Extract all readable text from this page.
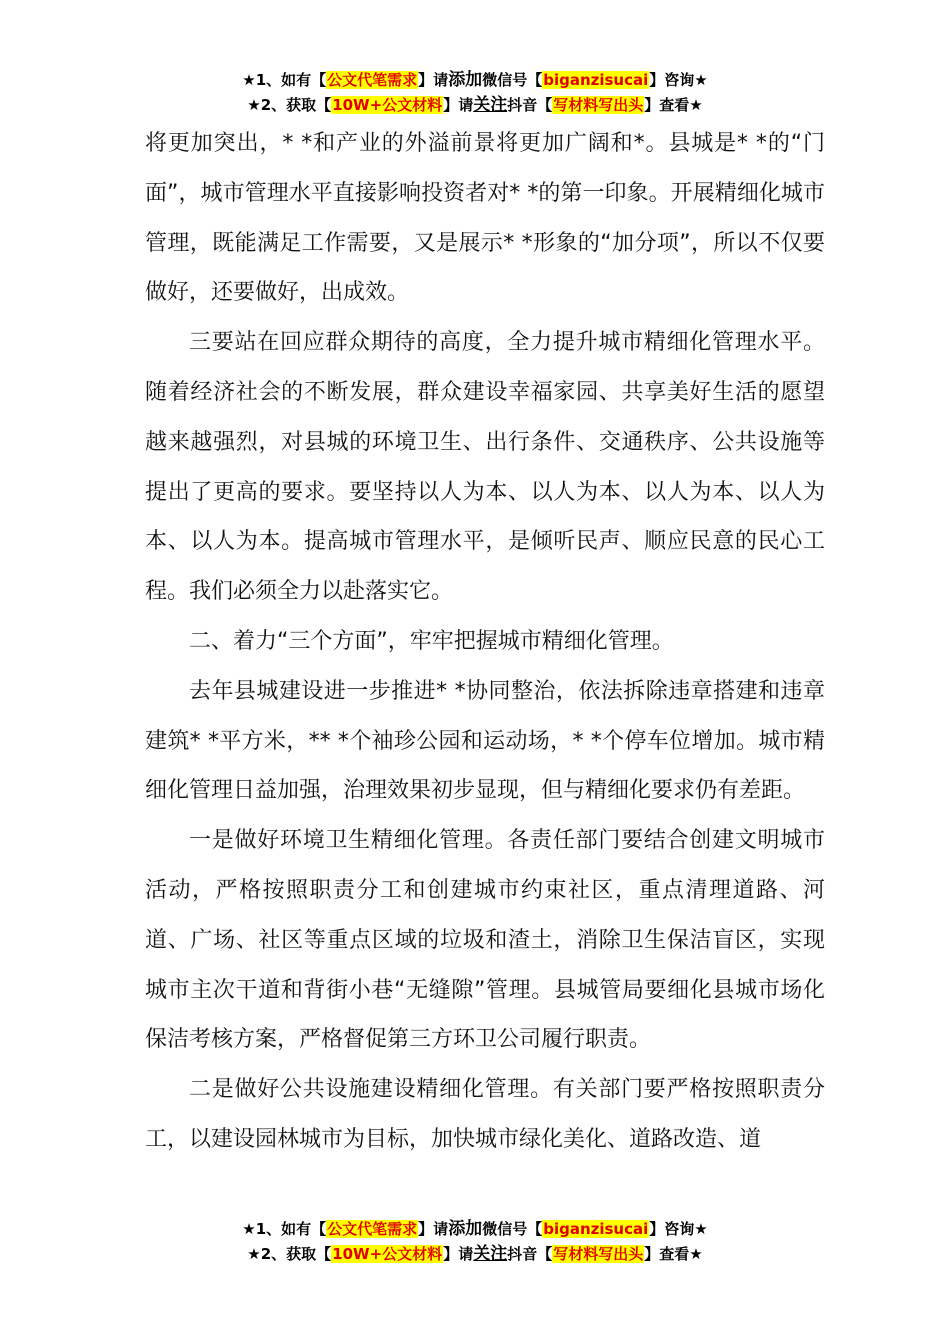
★1、如有【公文代笔需求】请添加微信号【biganzisucai】咨询★
★2、获取【10W+公文材料】请关注抖音【写材料写出头】查看★

将更加突出，* *和产业的外溢前景将更加广阔和*。县城是* *的“门面”，城市管理水平直接影响投资者对* *的第一印象。开展精细化城市管理，既能满足工作需要，又是展示* *形象的“加分项”，所以不仅要做好，还要做好，出成效。

三要站在回应群众期待的高度，全力提升城市精细化管理水平。随着经济社会的不断发展，群众建设幸福家园、共享美好生活的愿望越来越强烈，对县城的环境卫生、出行条件、交通秩序、公共设施等提出了更高的要求。要坚持以人为本、以人为本、以人为本、以人为本、以人为本。提高城市管理水平，是倾听民声、顺应民意的民心工程。我们必须全力以赴落实它。

二、着力“三个方面”，牢牢把握城市精细化管理。

去年县城建设进一步推进* *协同整治，依法拆除违章搭建和违章建筑* *平方米，** *个袖珍公园和运动场，* *个停车位增加。城市精细化管理日益加强，治理效果初步显现，但与精细化要求仍有差距。

一是做好环境卫生精细化管理。各责任部门要结合创建文明城市活动，严格按照职责分工和创建城市约束社区，重点清理道路、河道、广场、社区等重点区域的垃圾和渣土，消除卫生保洁盲区，实现城市主次干道和背街小巷“无缝隙”管理。县城管局要细化县城市场化保洁考核方案，严格督促第三方环卫公司履行职责。

二是做好公共设施建设精细化管理。有关部门要严格按照职责分工，以建设园林城市为目标，加快城市绿化美化、道路改造、道

★1、如有【公文代笔需求】请添加微信号【biganzisucai】咨询★
★2、获取【10W+公文材料】请关注抖音【写材料写出头】查看★
